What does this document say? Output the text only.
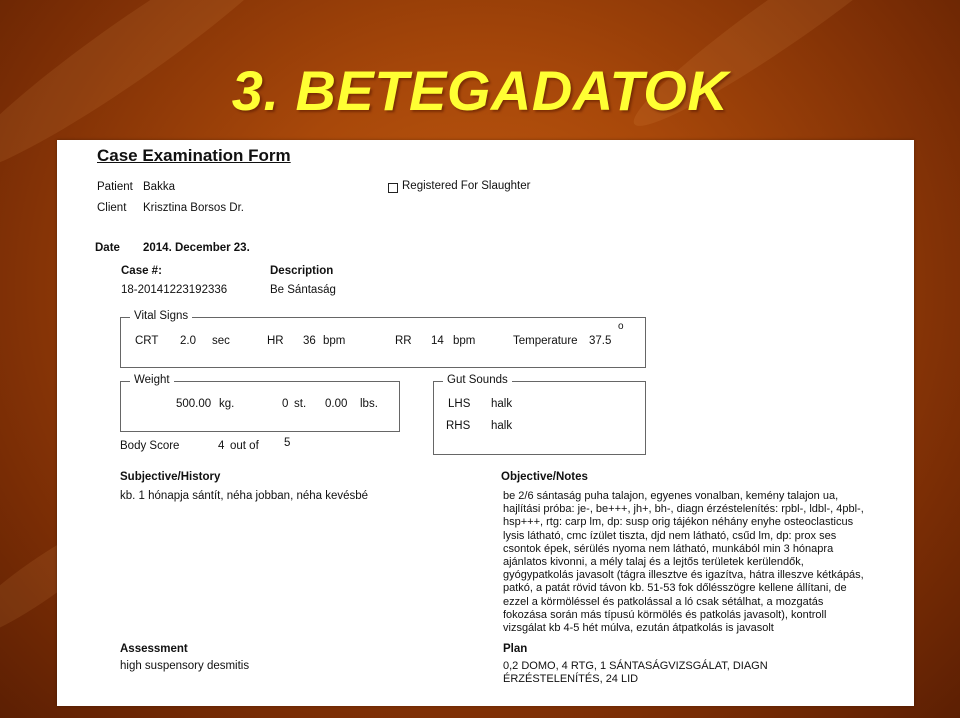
3. BETEGADATOK
Case Examination Form
Patient Bakka
Client Krisztina Borsos Dr.
Registered For Slaughter
Date 2014. December 23.
Case #:
18-20141223192336
Description
Be Sántaság
Vital Signs
CRT 2.0 sec	HR 36 bpm	RR 14 bpm	Temperature 37.5
o
Weight
500.00 kg.	0 st. 0.00 lbs.
Gut Sounds
LHS halk
RHS halk
Body Score	4 out of 5
Subjective/History
kb. 1 hónapja sántít, néha jobban, néha kevésbé
Objective/Notes
be 2/6 sántaság puha talajon, egyenes vonalban, kemény talajon ua,
hajlítási próba: je-, be+++, jh+, bh-, diagn érzéstelenítés: rpbl-, ldbl-, 4pbl-,
hsp+++, rtg: carp lm, dp: susp orig tájékon néhány enyhe osteoclasticus
lysis látható, cmc ízület tiszta, djd nem látható, csűd lm, dp: prox ses
csontok épek, sérülés nyoma nem látható, munkából min 3 hónapra
ajánlatos kivonni, a mély talaj és a lejtős területek kerülendők,
gyógypatkolás javasolt (tágra illesztve és igazítva, hátra illeszve kétkápás,
patkó, a patát rövid távon kb. 51-53 fok dőlésszögre kellene állítani, de
ezzel a körmöléssel és patkolással a ló csak sétálhat, a mozgatás
fokozása során más típusú körmölés és patkolás javasolt), kontroll
vizsgálat kb 4-5 hét múlva, ezután átpatkolás is javasolt
Assessment
high suspensory desmitis
Plan
0,2 DOMO, 4 RTG, 1 SÁNTASÁGVIZSGÁLAT, DIAGN
ÉRZÉSTELENÍTÉS, 24 LID
